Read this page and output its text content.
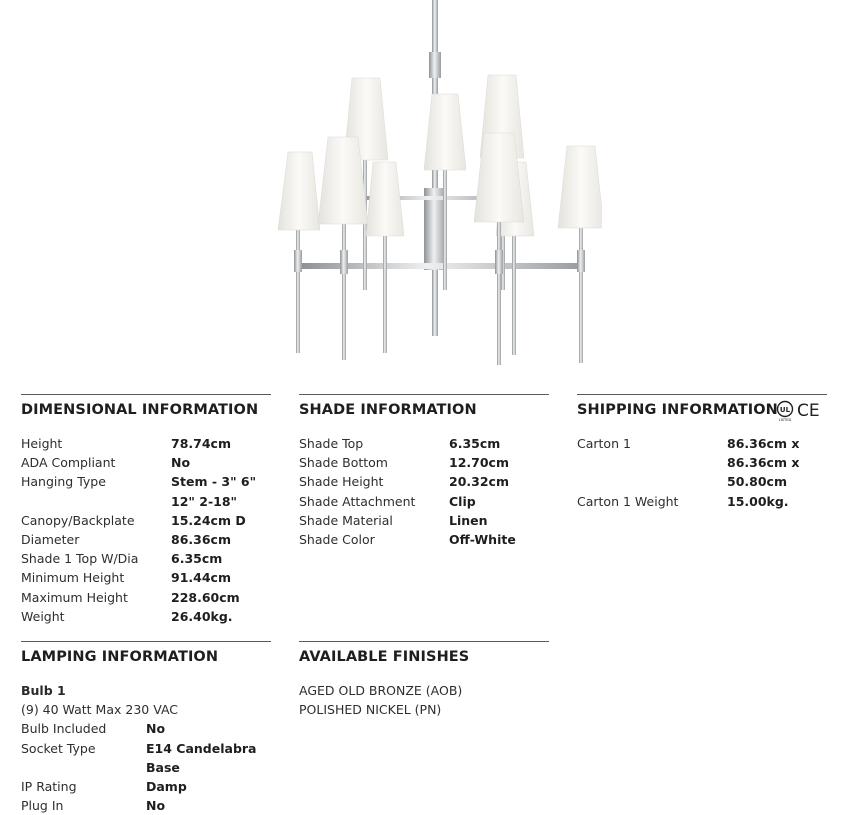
DIMENSIONAL INFORMATION
Height	78.74cm
ADA Compliant	No
Hanging Type	Stem - 3" 6" 12" 2-18"
Canopy/Backplate	15.24cm D
Diameter	86.36cm
Shade 1 Top W/Dia	6.35cm
Minimum Height	91.44cm
Maximum Height	228.60cm
Weight	26.40kg.
SHADE INFORMATION
Shade Top	6.35cm
Shade Bottom	12.70cm
Shade Height	20.32cm
Shade Attachment	Clip
Shade Material	Linen
Shade Color	Off-White
SHIPPING INFORMATION UL
LISTED CE
Carton 1	86.36cm x 86.36cm x 50.80cm
Carton 1 Weight	15.00kg.
LAMPING INFORMATION
Bulb 1
(9) 40 Watt Max 230 VAC
Bulb Included	No
Socket Type	E14 Candelabra Base
IP Rating	Damp
Plug In	No
AVAILABLE FINISHES
AGED OLD BRONZE (AOB)
POLISHED NICKEL (PN)
